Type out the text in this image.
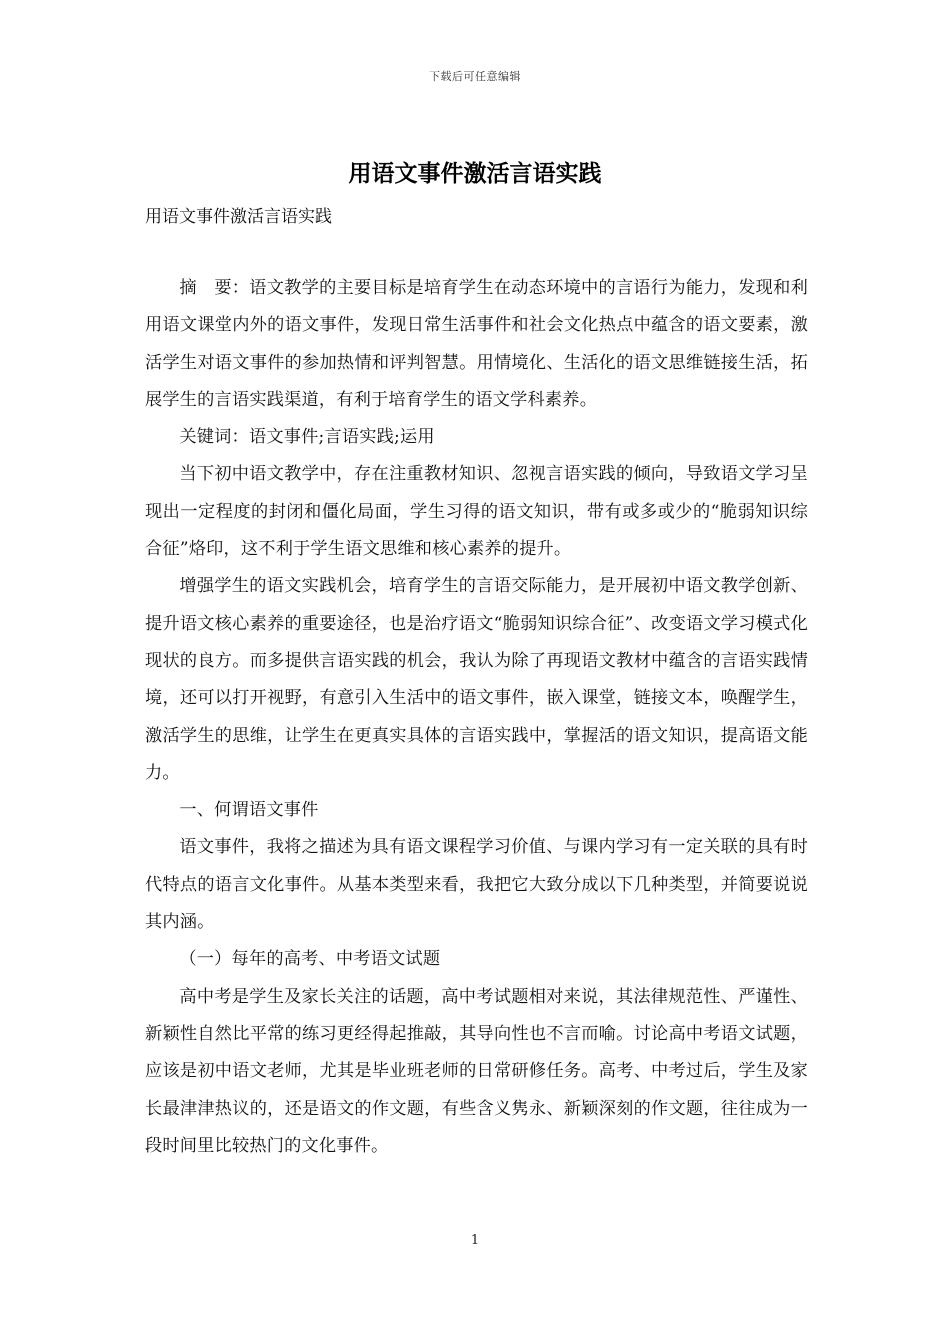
下载后可任意编辑
用语文事件激活言语实践
用语文事件激活言语实践

摘　要：语文教学的主要目标是培育学生在动态环境中的言语行为能力，发现和利用语文课堂内外的语文事件，发现日常生活事件和社会文化热点中蕴含的语文要素，激活学生对语文事件的参加热情和评判智慧。用情境化、生活化的语文思维链接生活，拓展学生的言语实践渠道，有利于培育学生的语文学科素养。

关键词：语文事件;言语实践;运用

当下初中语文教学中，存在注重教材知识、忽视言语实践的倾向，导致语文学习呈现出一定程度的封闭和僵化局面，学生习得的语文知识，带有或多或少的“脆弱知识综合征”烙印，这不利于学生语文思维和核心素养的提升。

增强学生的语文实践机会，培育学生的言语交际能力，是开展初中语文教学创新、提升语文核心素养的重要途径，也是治疗语文“脆弱知识综合征”、改变语文学习模式化现状的良方。而多提供言语实践的机会，我认为除了再现语文教材中蕴含的言语实践情境，还可以打开视野，有意引入生活中的语文事件，嵌入课堂，链接文本，唤醒学生，激活学生的思维，让学生在更真实具体的言语实践中，掌握活的语文知识，提高语文能力。

一、何谓语文事件

语文事件，我将之描述为具有语文课程学习价值、与课内学习有一定关联的具有时代特点的语言文化事件。从基本类型来看，我把它大致分成以下几种类型，并简要说说其内涵。

（一）每年的高考、中考语文试题

高中考是学生及家长关注的话题，高中考试题相对来说，其法律规范性、严谨性、新颖性自然比平常的练习更经得起推敲，其导向性也不言而喻。讨论高中考语文试题，应该是初中语文老师，尤其是毕业班老师的日常研修任务。高考、中考过后，学生及家长最津津热议的，还是语文的作文题，有些含义隽永、新颖深刻的作文题，往往成为一段时间里比较热门的文化事件。

1
